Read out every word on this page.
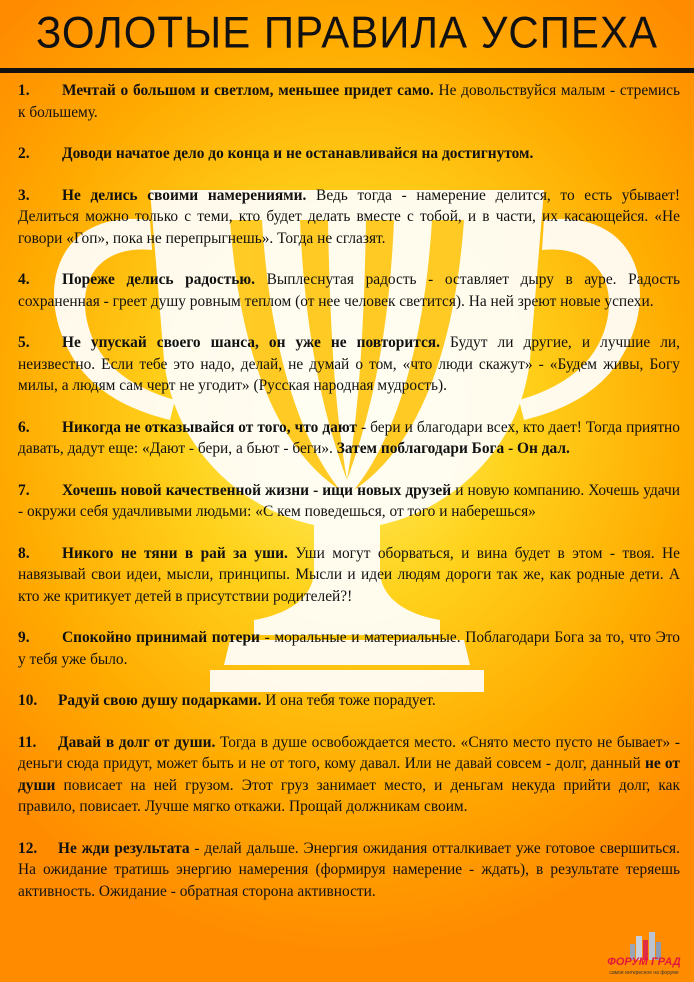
ЗОЛОТЫЕ ПРАВИЛА УСПЕХА

1. Мечтай о большом и светлом, меньшее придет само. Не довольствуйся малым - стремись к большему.

2. Доводи начатое дело до конца и не останавливайся на достигнутом.

3. Не делись своими намерениями. Ведь тогда - намерение делится, то есть убывает! Делиться можно только с теми, кто будет делать вместе с тобой, и в части, их касающейся. «Не говори «Гоп», пока не перепрыгнешь». Тогда не сглазят.

4. Пореже делись радостью. Выплеснутая радость - оставляет дыру в ауре. Радость сохраненная - греет душу ровным теплом (от нее человек светится). На ней зреют новые успехи.

5. Не упускай своего шанса, он уже не повторится. Будут ли другие, и лучшие ли, неизвестно. Если тебе это надо, делай, не думай о том, «что люди скажут» - «Будем живы, Богу милы, а людям сам черт не угодит» (Русская народная мудрость).

6. Никогда не отказывайся от того, что дают - бери и благодари всех, кто дает! Тогда приятно давать, дадут еще: «Дают - бери, а бьют - беги». Затем поблагодари Бога - Он дал.

7. Хочешь новой качественной жизни - ищи новых друзей и новую компанию. Хочешь удачи - окружи себя удачливыми людьми: «С кем поведешься, от того и наберешься»

8. Никого не тяни в рай за уши. Уши могут оборваться, и вина будет в этом - твоя. Не навязывай свои идеи, мысли, принципы. Мысли и идеи людям дороги так же, как родные дети. А кто же критикует детей в присутствии родителей?!

9. Спокойно принимай потери - моральные и материальные. Поблагодари Бога за то, что Это у тебя уже было.

10. Радуй свою душу подарками. И она тебя тоже порадует.

11. Давай в долг от души. Тогда в душе освобождается место. «Снято место пусто не бывает» - деньги сюда придут, может быть и не от того, кому давал. Или не давай совсем - долг, данный не от души повисает на ней грузом. Этот груз занимает место, и деньгам некуда прийти долг, как правило, повисает. Лучше мягко откажи. Прощай должникам своим.

12. Не жди результата - делай дальше. Энергия ожидания отталкивает уже готовое свершиться. На ожидание тратишь энергию намерения (формируя намерение - ждать), в результате теряешь активность. Ожидание - обратная сторона активности.

ФОРУМ ГРАД
самое интересное на форуме
